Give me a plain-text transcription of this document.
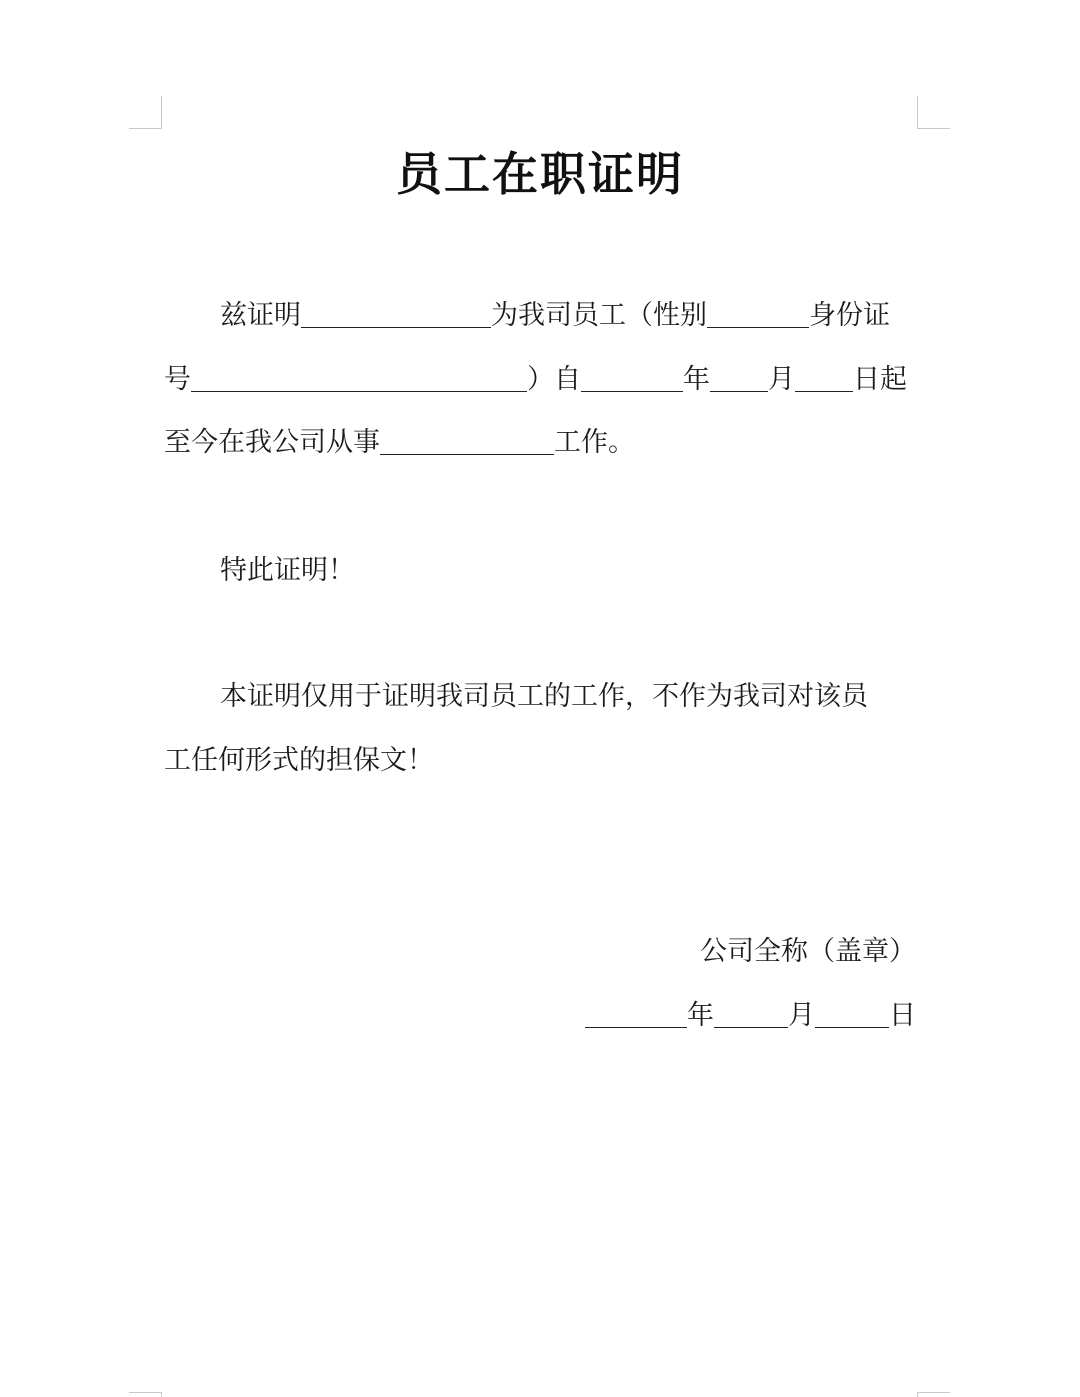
员工在职证明
兹证明	为我司员工（性别	身份证
号	）自	年 月 日起
至今在我公司从事	工作。
特此证明！
本证明仅用于证明我司员工的工作，不作为我司对该员
工任何形式的担保文！
公司全称（盖章）
年	月	日
